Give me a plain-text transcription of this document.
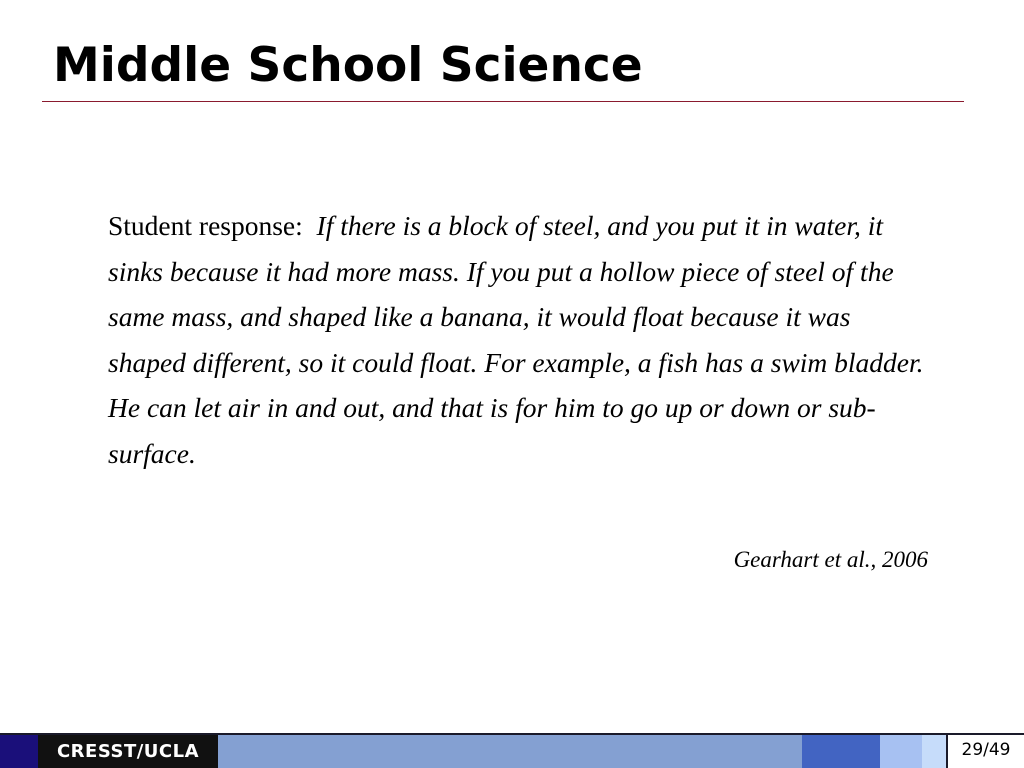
Middle School Science

Student response: If there is a block of steel, and you put it in water, it sinks because it had more mass. If you put a hollow piece of steel of the same mass, and shaped like a banana, it would float because it was shaped different, so it could float. For example, a fish has a swim bladder. He can let air in and out, and that is for him to go up or down or sub-surface.

Gearhart et al., 2006

CRESST/UCLA	29/49
